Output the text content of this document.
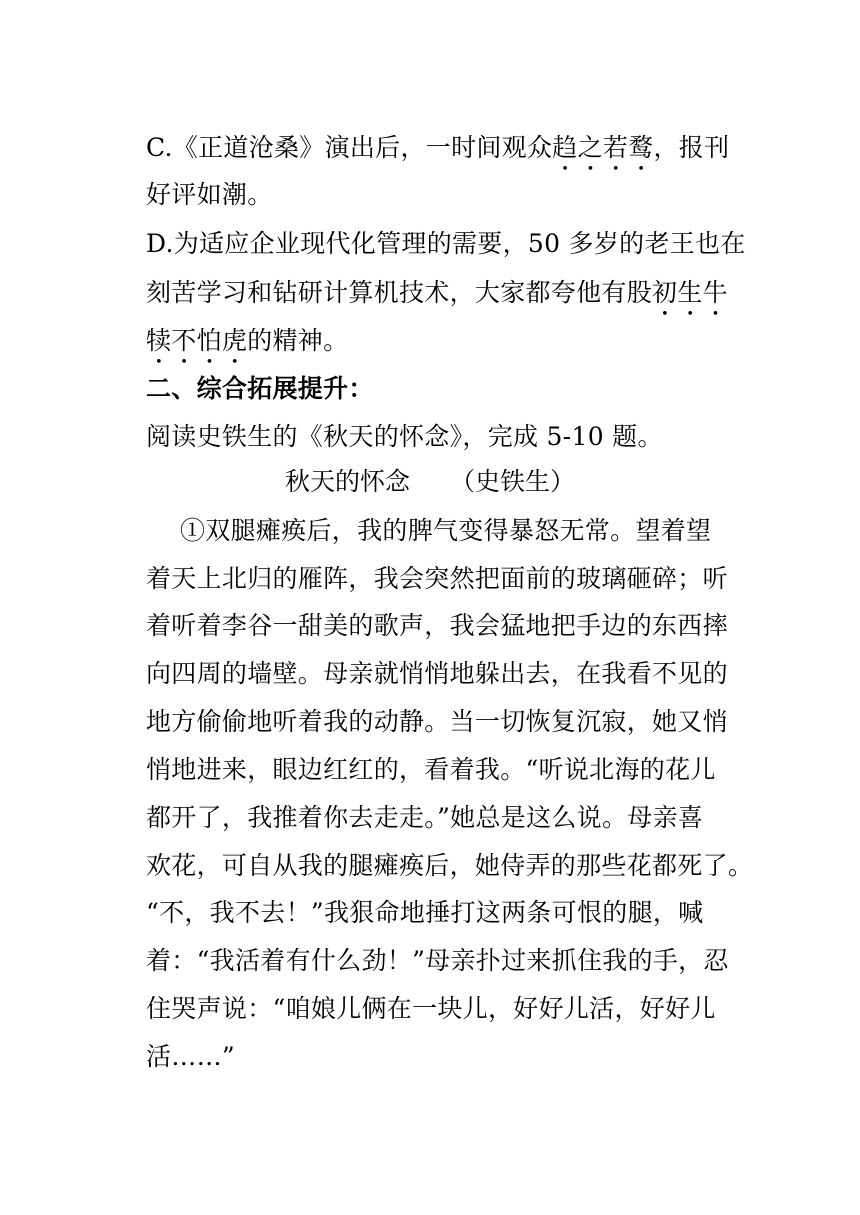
C.《正道沧桑》演出后，一时间观众趋之若鹜，报刊
好评如潮。
D.为适应企业现代化管理的需要，50 多岁的老王也在
刻苦学习和钻研计算机技术，大家都夸他有股初生牛
犊不怕虎的精神。
二、综合拓展提升：
阅读史铁生的《秋天的怀念》，完成 5-10 题。
秋天的怀念 （史铁生）
①双腿瘫痪后，我的脾气变得暴怒无常。望着望
着天上北归的雁阵，我会突然把面前的玻璃砸碎；听
着听着李谷一甜美的歌声，我会猛地把手边的东西摔
向四周的墙壁。母亲就悄悄地躲出去，在我看不见的
地方偷偷地听着我的动静。当一切恢复沉寂，她又悄
悄地进来，眼边红红的，看着我。“听说北海的花儿
都开了，我推着你去走走。”她总是这么说。母亲喜
欢花，可自从我的腿瘫痪后，她侍弄的那些花都死了。
“不，我不去！”我狠命地捶打这两条可恨的腿，喊
着：“我活着有什么劲！”母亲扑过来抓住我的手，忍
住哭声说：“咱娘儿俩在一块儿，好好儿活，好好儿
活……”
